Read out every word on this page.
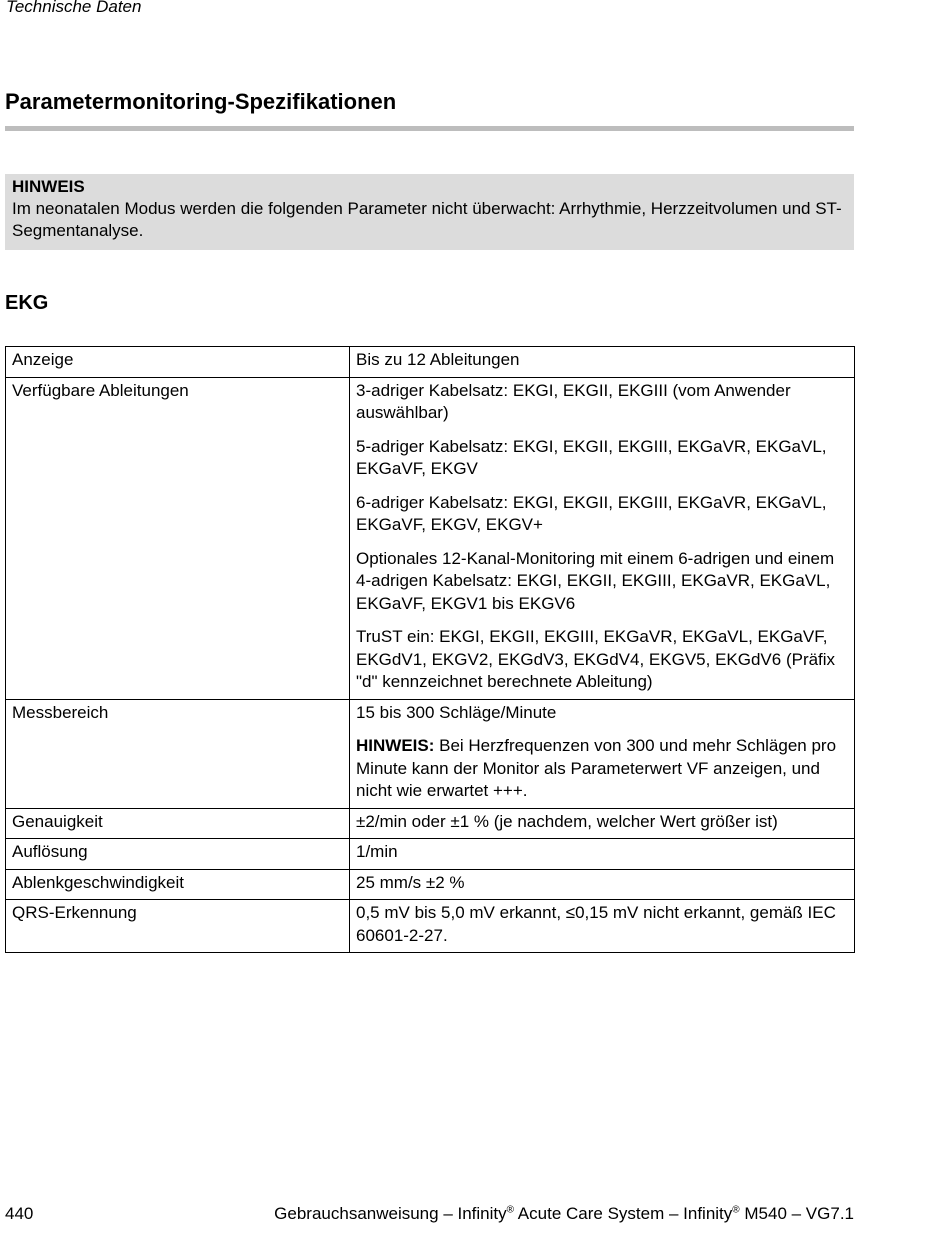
Technische Daten
Parametermonitoring-Spezifikationen
HINWEIS
Im neonatalen Modus werden die folgenden Parameter nicht überwacht: Arrhythmie, Herzzeitvolumen und ST-Segmentanalyse.
EKG
Anzeige	Bis zu 12 Ableitungen

Verfügbare Ableitungen	3-adriger Kabelsatz: EKGI, EKGII, EKGIII (vom Anwender auswählbar)
5-adriger Kabelsatz: EKGI, EKGII, EKGIII, EKGaVR, EKGaVL, EKGaVF, EKGV
6-adriger Kabelsatz: EKGI, EKGII, EKGIII, EKGaVR, EKGaVL, EKGaVF, EKGV, EKGV+
Optionales 12-Kanal-Monitoring mit einem 6-adrigen und einem 4-adrigen Kabelsatz: EKGI, EKGII, EKGIII, EKGaVR, EKGaVL, EKGaVF, EKGV1 bis EKGV6
TruST ein: EKGI, EKGII, EKGIII, EKGaVR, EKGaVL, EKGaVF, EKGdV1, EKGV2, EKGdV3, EKGdV4, EKGV5, EKGdV6 (Präfix "d" kennzeichnet berechnete Ableitung)

Messbereich	15 bis 300 Schläge/Minute
HINWEIS: Bei Herzfrequenzen von 300 und mehr Schlägen pro Minute kann der Monitor als Parameterwert VF anzeigen, und nicht wie erwartet +++.

Genauigkeit	±2/min oder ±1 % (je nachdem, welcher Wert größer ist)

Auflösung	1/min

Ablenkgeschwindigkeit	25 mm/s ±2 %

QRS-Erkennung	0,5 mV bis 5,0 mV erkannt, ≤0,15 mV nicht erkannt, gemäß IEC 60601-2-27.
440	Gebrauchsanweisung – Infinity® Acute Care System – Infinity® M540 – VG7.1
